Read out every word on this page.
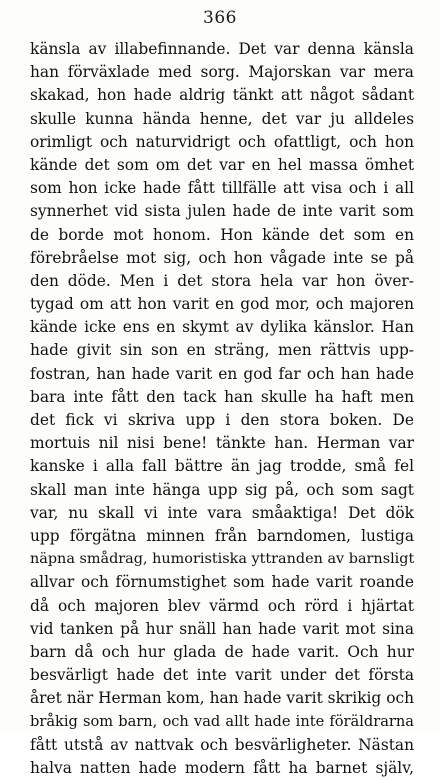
366
känsla av illabefinnande. Det var denna känsla
han förväxlade med sorg. Majorskan var mera
skakad, hon hade aldrig tänkt att något sådant
skulle kunna hända henne, det var ju alldeles
orimligt och naturvidrigt och ofattligt, och hon
kände det som om det var en hel massa ömhet
som hon icke hade fått tillfälle att visa och i all
synnerhet vid sista julen hade de inte varit som
de borde mot honom. Hon kände det som en
förebråelse mot sig, och hon vågade inte se på
den döde. Men i det stora hela var hon över-
tygad om att hon varit en god mor, och majoren
kände icke ens en skymt av dylika känslor. Han
hade givit sin son en sträng, men rättvis upp-
fostran, han hade varit en god far och han hade
bara inte fått den tack han skulle ha haft men
det fick vi skriva upp i den stora boken. De
mortuis nil nisi bene! tänkte han. Herman var
kanske i alla fall bättre än jag trodde, små fel
skall man inte hänga upp sig på, och som sagt
var, nu skall vi inte vara småaktiga! Det dök
upp förgätna minnen från barndomen, lustiga
näpna smådrag, humoristiska yttranden av barnsligt
allvar och förnumstighet som hade varit roande
då och majoren blev värmd och rörd i hjärtat
vid tanken på hur snäll han hade varit mot sina
barn då och hur glada de hade varit. Och hur
besvärligt hade det inte varit under det första
året när Herman kom, han hade varit skrikig och
bråkig som barn, och vad allt hade inte föräldrarna
fått utstå av nattvak och besvärligheter. Nästan
halva natten hade modern fått ha barnet själv,
